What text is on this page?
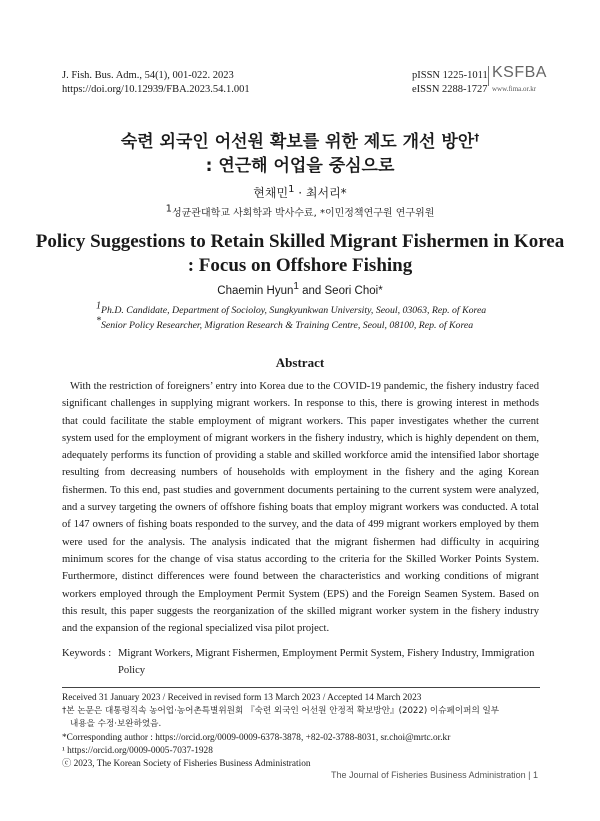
J. Fish. Bus. Adm., 54(1), 001-022. 2023
https://doi.org/10.12939/FBA.2023.54.1.001
pISSN 1225-1011
eISSN 2288-1727
KSFBA
www.fima.or.kr
숙련 외국인 어선원 확보를 위한 제도 개선 방안†
: 연근해 어업을 중심으로
현채민$^1$ · 최서리*
1성균관대학교 사회학과 박사수료, *이민정책연구원 연구위원
Policy Suggestions to Retain Skilled Migrant Fishermen in Korea
: Focus on Offshore Fishing
Chaemin Hyun1 and Seori Choi*
1Ph.D. Candidate, Department of Socioloy, Sungkyunkwan University, Seoul, 03063, Rep. of Korea
*Senior Policy Researcher, Migration Research & Training Centre, Seoul, 08100, Rep. of Korea
Abstract

With the restriction of foreigners’ entry into Korea due to the COVID-19 pandemic, the fishery industry faced significant challenges in supplying migrant workers. In response to this, there is growing interest in methods that could facilitate the stable employment of migrant workers. This paper investigates whether the current system used for the employment of migrant workers in the fishery industry, which is highly dependent on them, adequately performs its function of providing a stable and skilled workforce amid the intensified labor shortage resulting from decreasing numbers of households with employment in the fishery and the aging Korean fishermen. To this end, past studies and government documents pertaining to the current system were analyzed, and a survey targeting the owners of offshore fishing boats that employ migrant workers was conducted. A total of 147 owners of fishing boats responded to the survey, and the data of 499 migrant workers employed by them were used for the analysis. The analysis indicated that the migrant fishermen had difficulty in acquiring minimum scores for the change of visa status according to the criteria for the Skilled Worker Points System. Furthermore, distinct differences were found between the characteristics and working conditions of migrant workers employed through the Employment Permit System (EPS) and the Foreign Seamen System. Based on this result, this paper suggests the reorganization of the skilled migrant worker system in the fishery industry and the expansion of the regional specialized visa pilot project.

Keywords : Migrant Workers, Migrant Fishermen, Employment Permit System, Fishery Industry, Immigration Policy
Received 31 January 2023 / Received in revised form 13 March 2023 / Accepted 14 March 2023
†본 논문은 대통령직속 농어업·농어촌특별위원회 『숙련 외국인 어선원 안정적 확보방안』(2022) 이슈페이퍼의 일부
내용을 수정·보완하였음.
*Corresponding author : https://orcid.org/0009-0009-6378-3878, +82-02-3788-8031, sr.choi@mrtc.or.kr
¹ https://orcid.org/0009-0005-7037-1928
ⓒ 2023, The Korean Society of Fisheries Business Administration
The Journal of Fisheries Business Administration | 1
